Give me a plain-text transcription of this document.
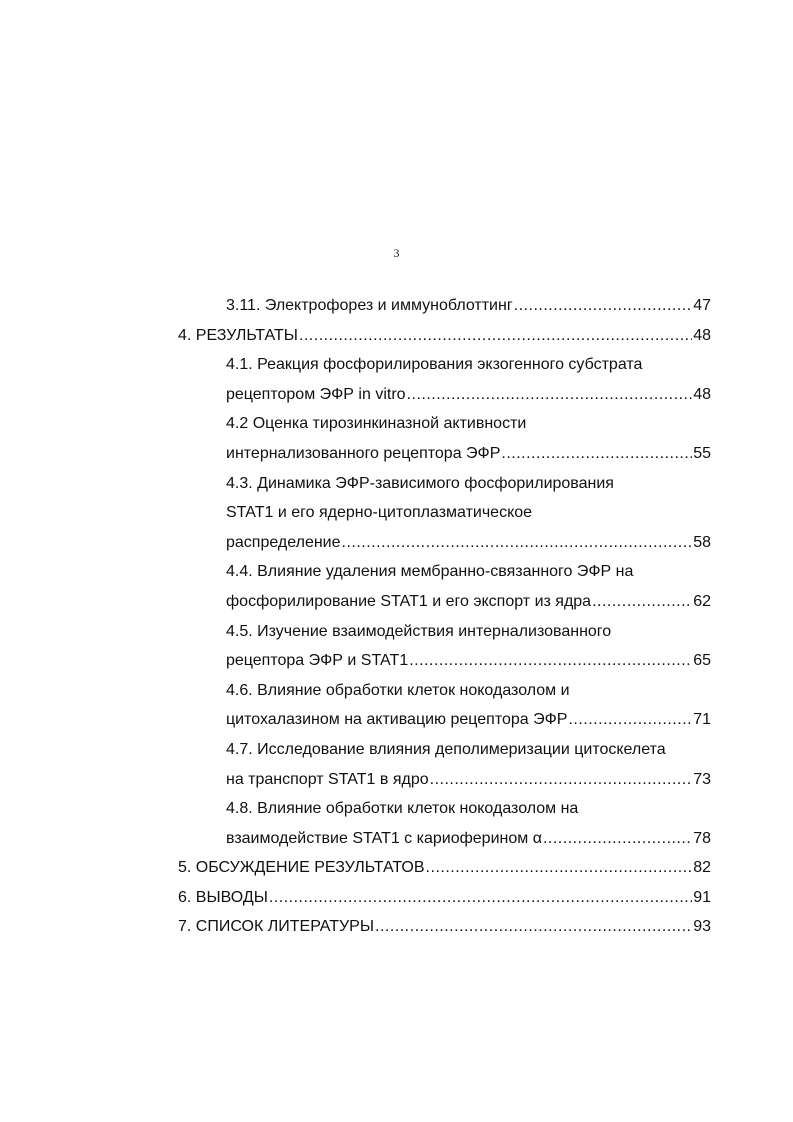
3
3.11. Электрофорез и иммуноблоттинг .....	47
4. РЕЗУЛЬТАТЫ .....	48
4.1. Реакция фосфорилирования экзогенного субстрата
рецептором ЭФР in vitro .....	48
4.2 Оценка тирозинкиназной активности
интернализованного рецептора ЭФР .....	55
4.3. Динамика ЭФР-зависимого фосфорилирования
STAT1 и его ядерно-цитоплазматическое
распределение .....	58
4.4. Влияние удаления мембранно-связанного ЭФР на
фосфорилирование STAT1 и его экспорт из ядра .....	62
4.5. Изучение взаимодействия интернализованного
рецептора ЭФР и STAT1 .....	65
4.6. Влияние обработки клеток нокодазолом и
цитохалазином на активацию рецептора ЭФР .....	71
4.7. Исследование влияния деполимеризации цитоскелета
на транспорт STAT1 в ядро .....	73
4.8. Влияние обработки клеток нокодазолом на
взаимодействие STAT1 с кариоферином α .....	78
5. ОБСУЖДЕНИЕ РЕЗУЛЬТАТОВ .....	82
6. ВЫВОДЫ .....	91
7. СПИСОК ЛИТЕРАТУРЫ .....	93
